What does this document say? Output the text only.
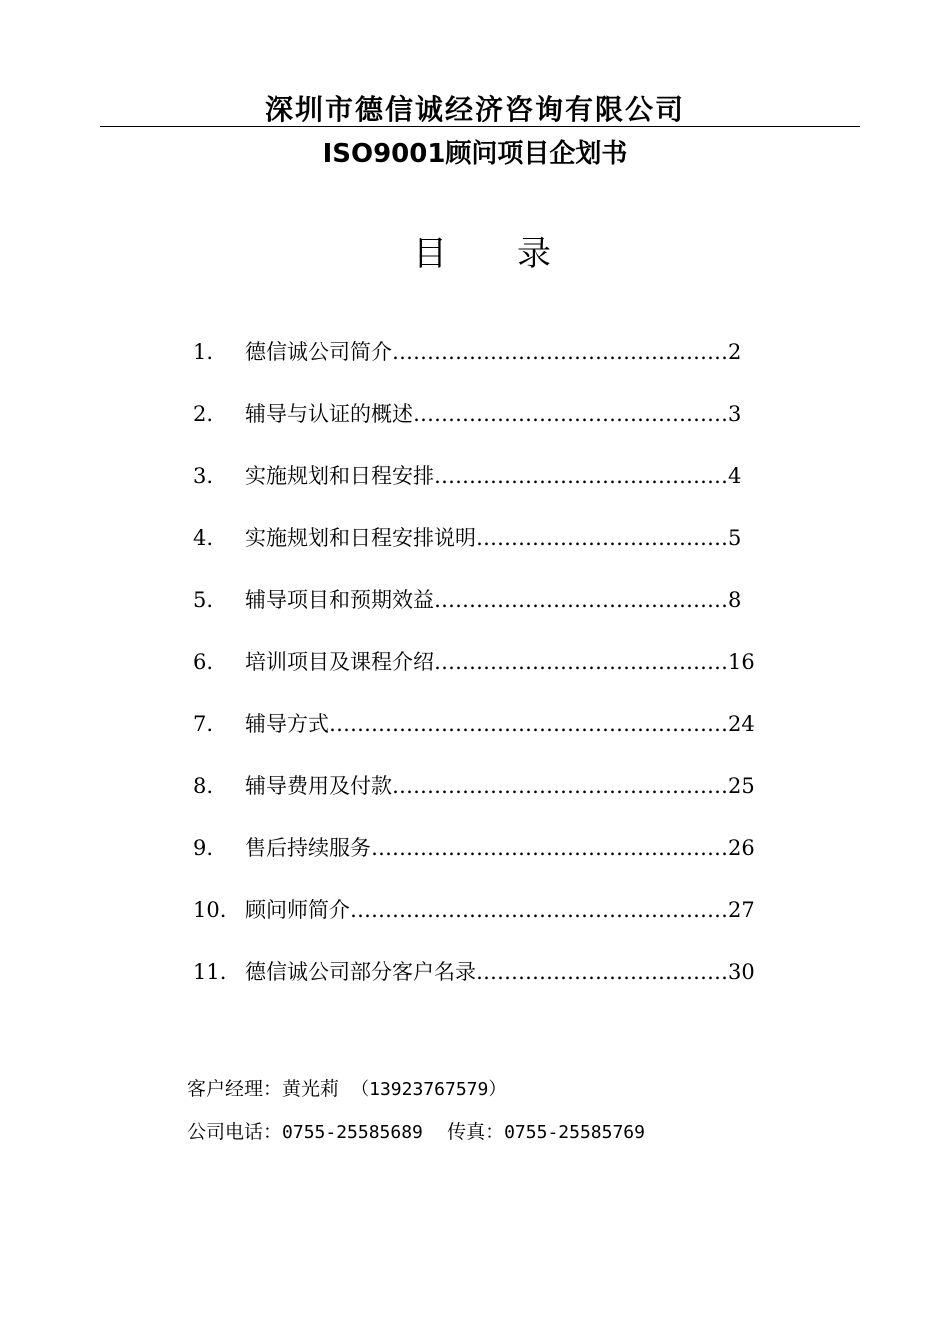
深圳市德信诚经济咨询有限公司
ISO9001顾问项目企划书
目 录
1. 德信诚公司简介…………………………………………2
2. 辅导与认证的概述………………………………………3
3. 实施规划和日程安排……………………………………4
4. 实施规划和日程安排说明………………………………5
5. 辅导项目和预期效益……………………………………8
6. 培训项目及课程介绍……………………………………16
7. 辅导方式…………………………………………………24
8. 辅导费用及付款…………………………………………25
9. 售后持续服务……………………………………………26
10. 顾问师简介………………………………………………27
11. 德信诚公司部分客户名录………………………………30
客户经理：黄光莉 （13923767579）
公司电话：0755-25585689 传真：0755-25585769
